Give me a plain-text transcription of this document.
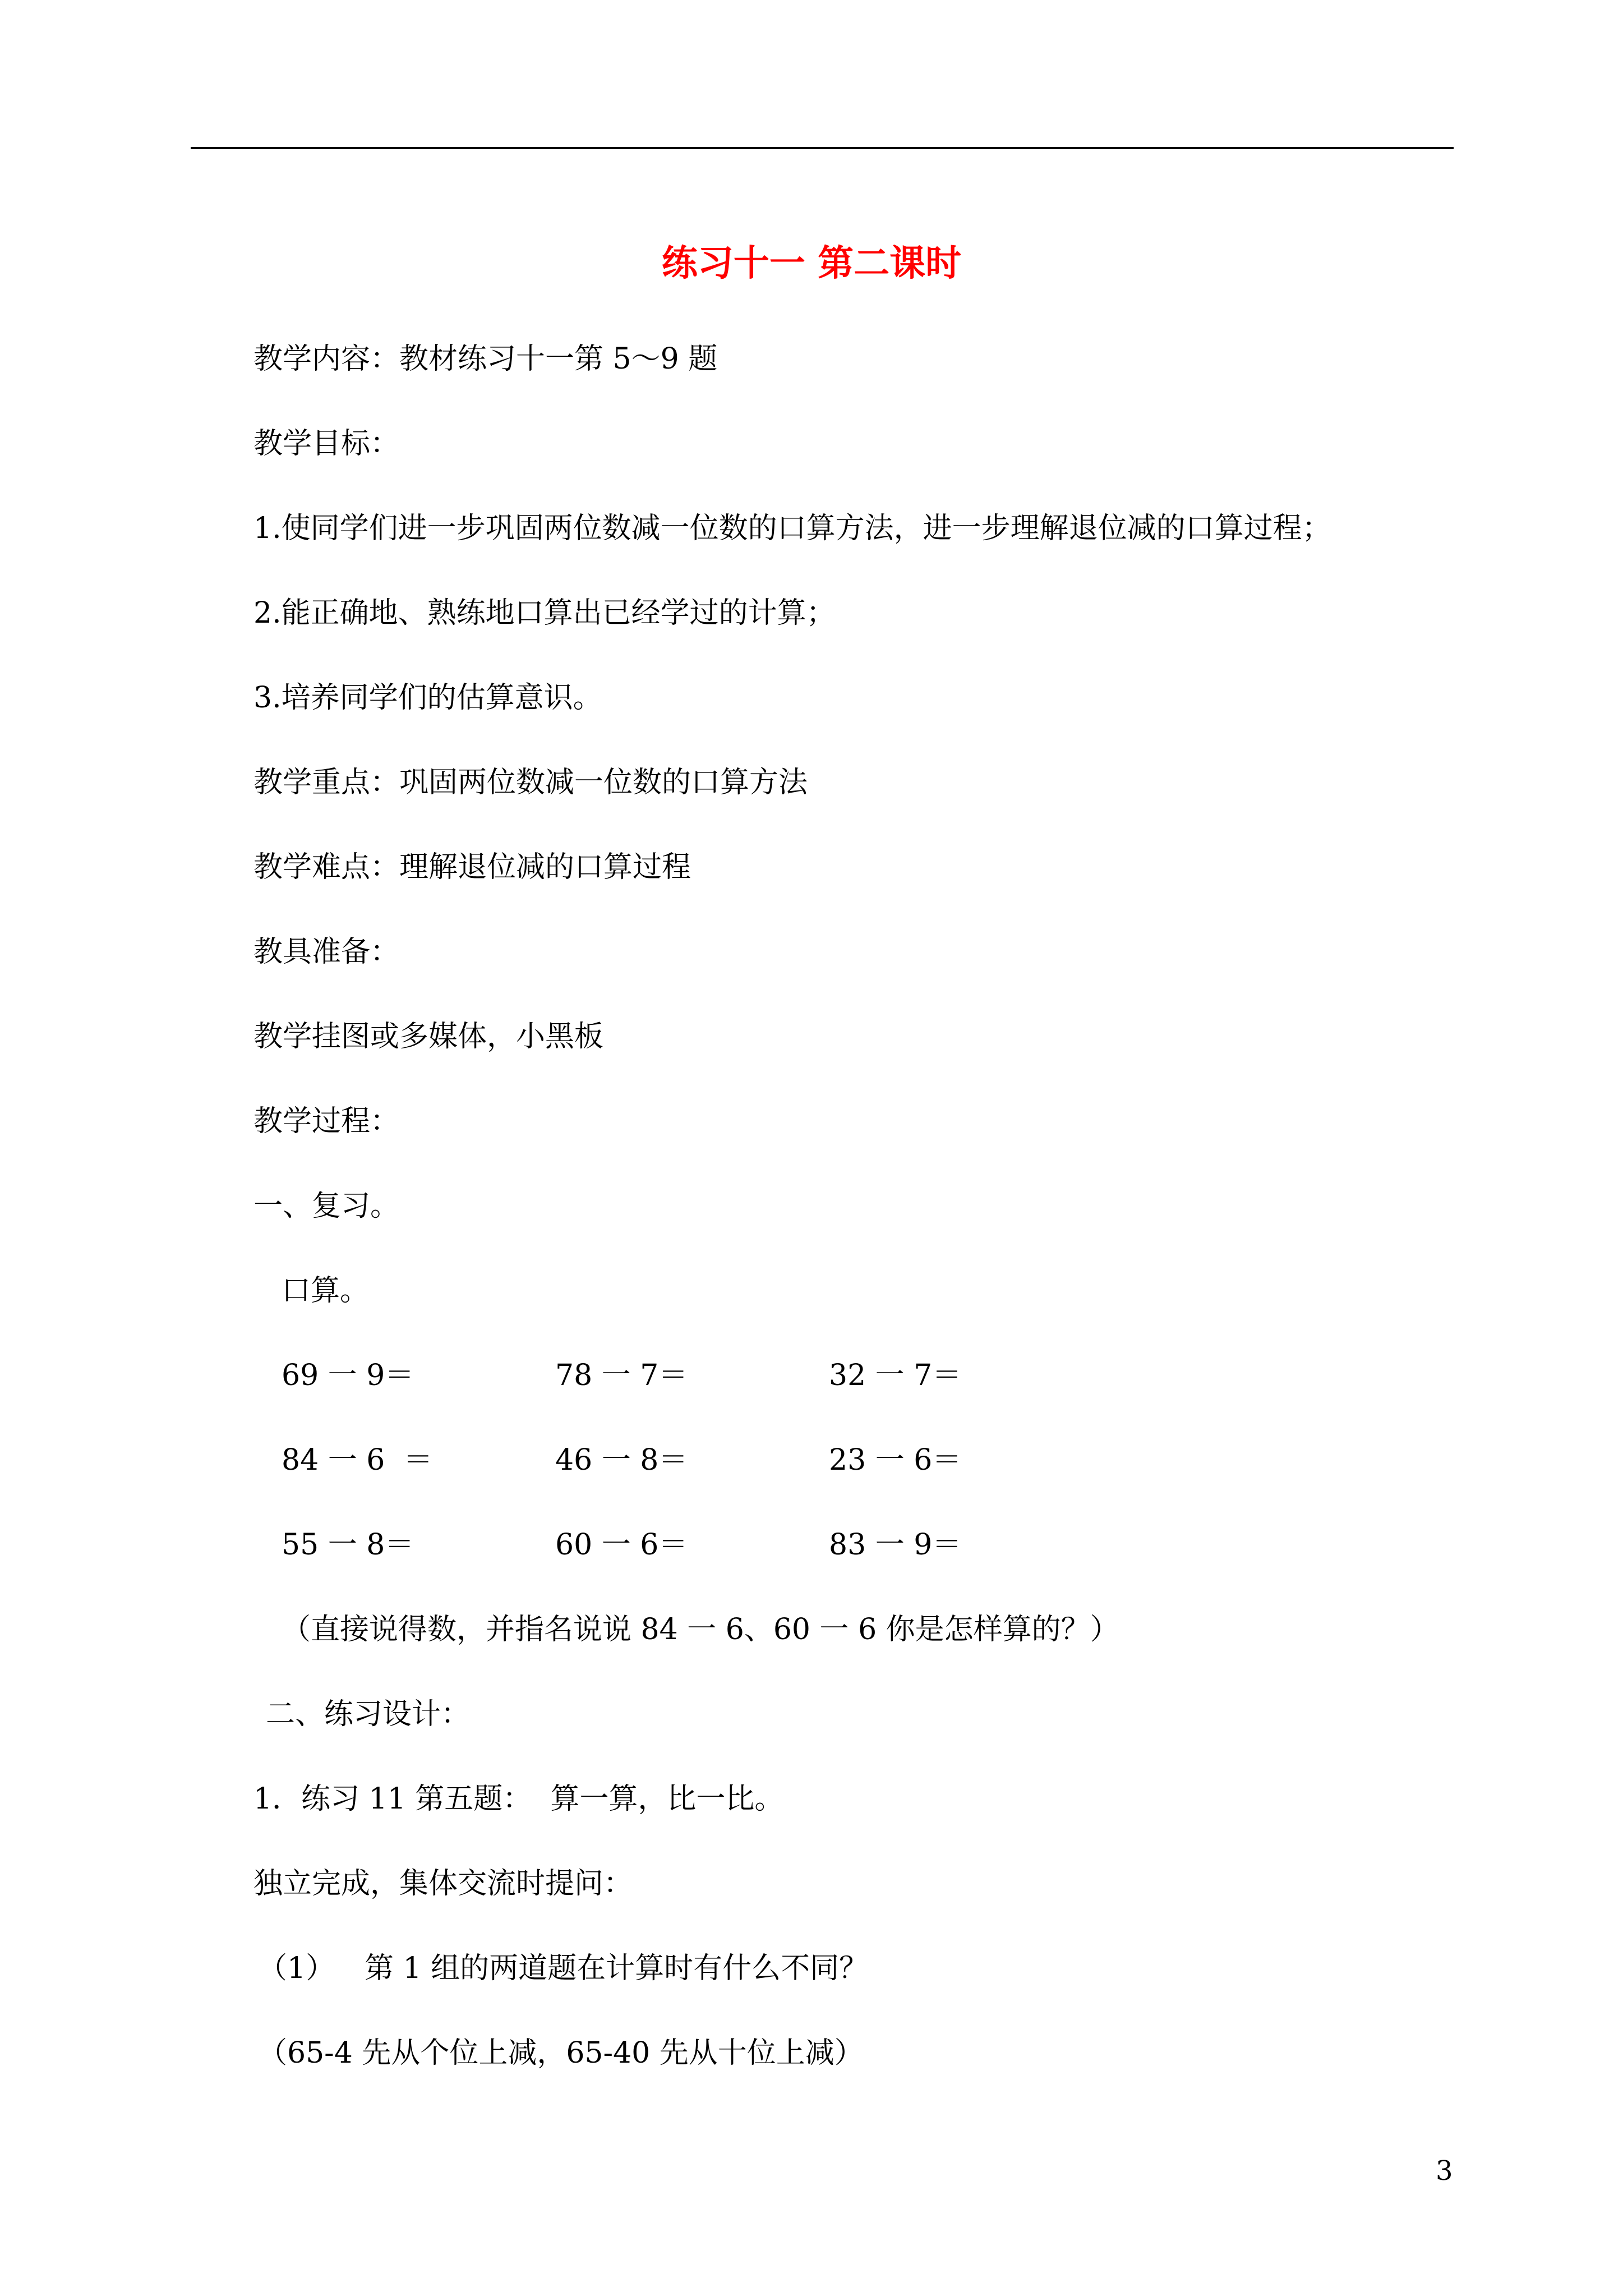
练习十一 第二课时
教学内容：教材练习十一第 5～9 题
教学目标：
1.使同学们进一步巩固两位数减一位数的口算方法，进一步理解退位减的口算过程；
2.能正确地、熟练地口算出已经学过的计算；
3.培养同学们的估算意识。
教学重点：巩固两位数减一位数的口算方法
教学难点：理解退位减的口算过程
教具准备：
教学挂图或多媒体，小黑板
教学过程：
一、复习。
口算。
69 一 9＝	78 一 7＝	32 一 7＝
84 一 6  ＝	46 一 8＝	23 一 6＝
55 一 8＝	60 一 6＝	83 一 9＝
（直接说得数，并指名说说 84 一 6、60 一 6 你是怎样算的？）
二、练习设计：
1．练习 11 第五题：  算一算，比一比。
独立完成，集体交流时提问：
（1） 第 1 组的两道题在计算时有什么不同？
（65-4 先从个位上减，65-40 先从十位上减）
3
